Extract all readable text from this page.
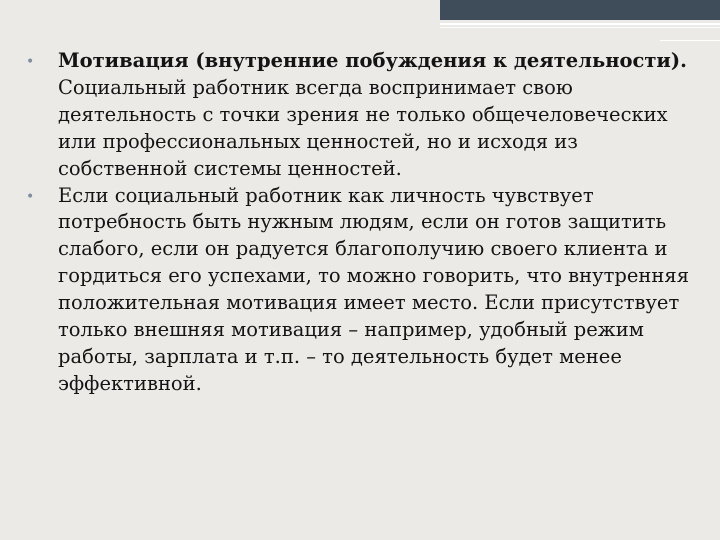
• Мотивация (внутренние побуждения к деятельности). Социальный работник всегда воспринимает свою деятельность с точки зрения не только общечеловеческих или профессиональных ценностей, но и исходя из собственной системы ценностей.
• Если социальный работник как личность чувствует потребность быть нужным людям, если он готов защитить слабого, если он радуется благополучию своего клиента и гордиться его успехами, то можно говорить, что внутренняя положительная мотивация имеет место. Если присутствует только внешняя мотивация – например, удобный режим работы, зарплата и т.п. – то деятельность будет менее эффективной.
